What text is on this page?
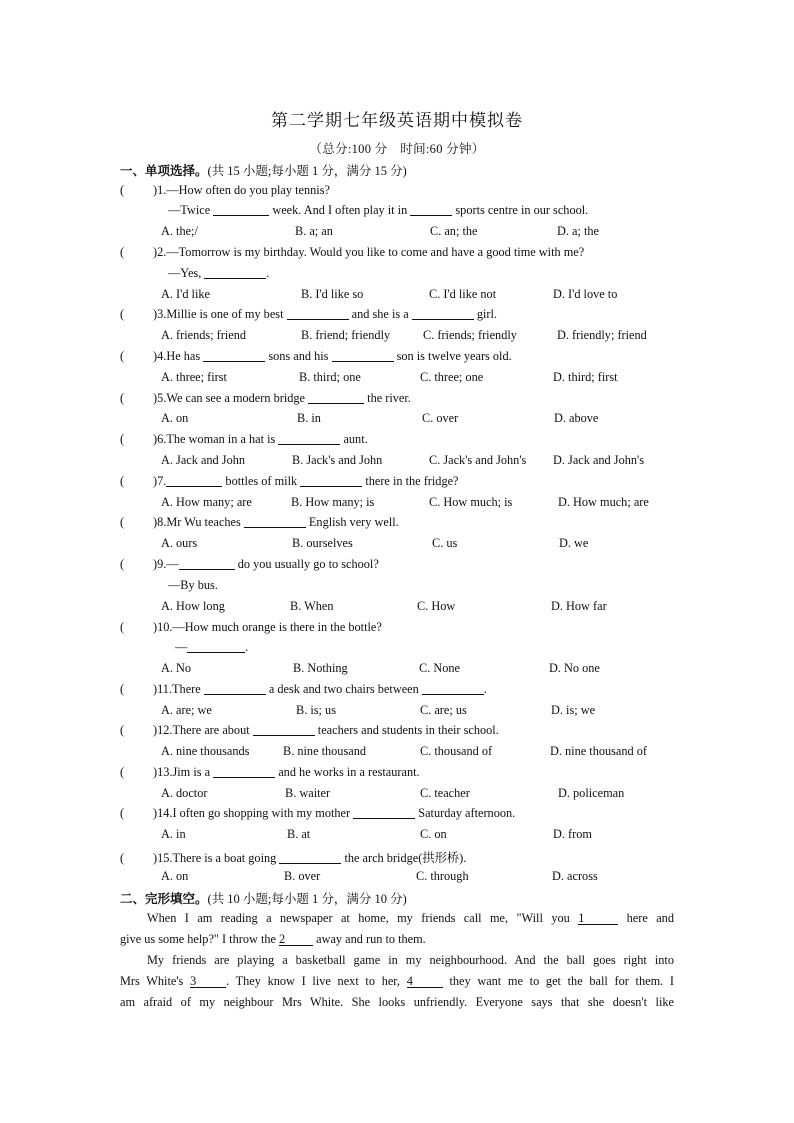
第二学期七年级英语期中模拟卷
（总分:100 分　时间:60 分钟）
一、单项选择。(共 15 小题;每小题 1 分，满分 15 分)
( )1.—How often do you play tennis?
—Twice	week. And I often play it in	sports centre in our school.
A. the;/	B. a; an	C. an; the	D. a; the
( )2.—Tomorrow is my birthday. Would you like to come and have a good time with me?
—Yes,	.
A. I'd like	B. I'd like so	C. I'd like not	D. I'd love to
( )3.Millie is one of my best	and she is a	girl.
A. friends; friend	B. friend; friendly	C. friends; friendly	D. friendly; friend
( )4.He has	sons and his	son is twelve years old.
A. three; first	B. third; one	C. three; one	D. third; first
( )5.We can see a modern bridge	the river.
A. on	B. in	C. over	D. above
( )6.The woman in a hat is	aunt.
A. Jack and John	B. Jack's and John	C. Jack's and John's D. Jack and John's
( )7.	bottles of milk	there in the fridge?
A. How many; are	B. How many; is	C. How much; is	D. How much; are
( )8.Mr Wu teaches	English very well.
A. ours	B. ourselves	C. us	D. we
( )9.—	do you usually go to school?
—By bus.
A. How long	B. When	C. How	D. How far
( )10.—How much orange is there in the bottle?
—	.
A. No	B. Nothing	C. None	D. No one
( )11.There	a desk and two chairs between	.
A. are; we	B. is; us	C. are; us	D. is; we
( )12.There are about	teachers and students in their school.
A. nine thousands	B. nine thousand	C. thousand of	D. nine thousand of
( )13.Jim is a	and he works in a restaurant.
A. doctor	B. waiter	C. teacher	D. policeman
( )14.I often go shopping with my mother	Saturday afternoon.
A. in	B. at	C. on	D. from
( )15.There is a boat going	the arch bridge(拱形桥).
A. on	B. over	C. through	D. across
二、完形填空。(共 10 小题;每小题 1 分，满分 10 分)
When I am reading a newspaper at home, my friends call me, "Will you 1	here and
give us some help?" I throw the 2	away and run to them.
My friends are playing a basketball game in my neighbourhood. And the ball goes right into
Mrs White's 3 . They know I live next to her, 4	they want me to get the ball for them. I
am afraid of my neighbour Mrs White. She looks unfriendly. Everyone says that she doesn't like
